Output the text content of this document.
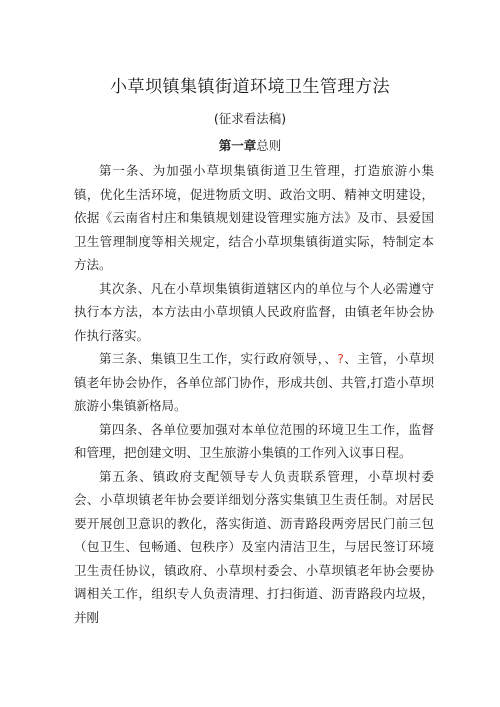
小草坝镇集镇街道环境卫生管理方法

(征求看法稿)

第一章总则

第一条、为加强小草坝集镇街道卫生管理，打造旅游小集镇，优化生活环境，促进物质文明、政治文明、精神文明建设，依据《云南省村庄和集镇规划建设管理实施方法》及市、县爱国卫生管理制度等相关规定，结合小草坝集镇街道实际，特制定本方法。

其次条、凡在小草坝集镇街道辖区内的单位与个人必需遵守执行本方法，本方法由小草坝镇人民政府监督，由镇老年协会协作执行落实。

第三条、集镇卫生工作，实行政府领导，、?、主管，小草坝镇老年协会协作，各单位部门协作，形成共创、共管,打造小草坝旅游小集镇新格局。

第四条、各单位要加强对本单位范围的环境卫生工作，监督和管理，把创建文明、卫生旅游小集镇的工作列入议事日程。

第五条、镇政府支配领导专人负责联系管理，小草坝村委会、小草坝镇老年协会要详细划分落实集镇卫生责任制。对居民要开展创卫意识的教化，落实街道、沥青路段两旁居民门前三包（包卫生、包畅通、包秩序）及室内清洁卫生，与居民签订环境卫生责任协议，镇政府、小草坝村委会、小草坝镇老年协会要协调相关工作，组织专人负责清理、打扫街道、沥青路段内垃圾，并刚
